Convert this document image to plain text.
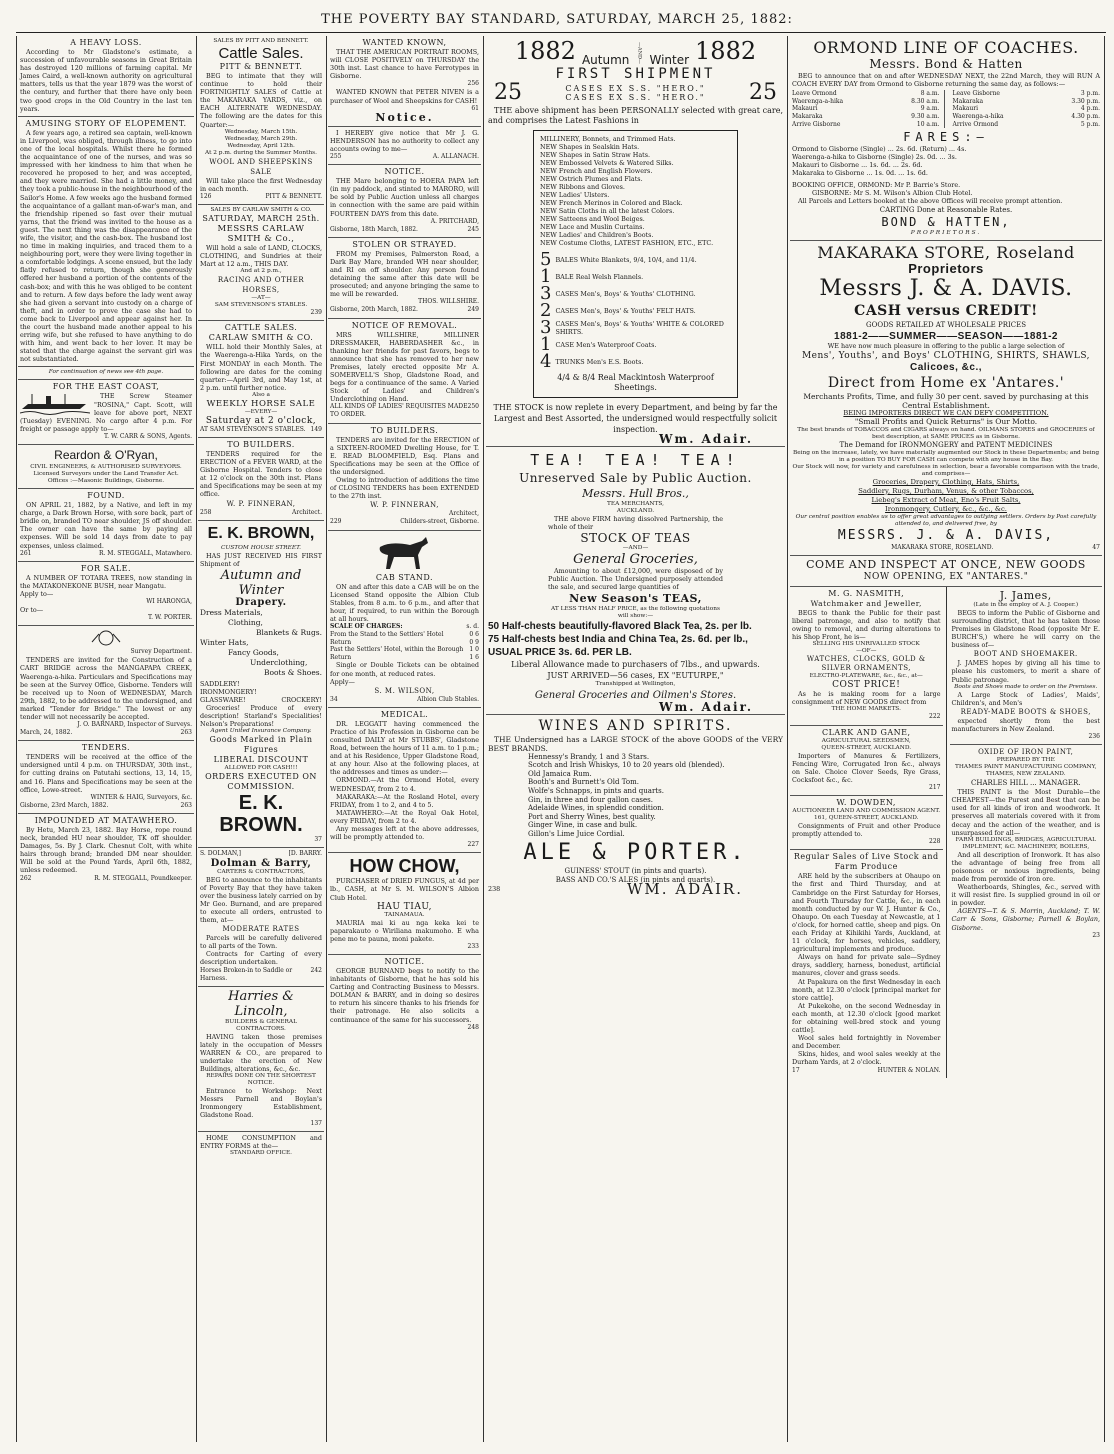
THE POVERTY BAY STANDARD, SATURDAY, MARCH 25, 1882:
A HEAVY LOSS.

According to Mr Gladstone's estimate, a succession of unfavourable seasons in Great Britain has destroyed 120 millions of farming capital. Mr James Caird, a well-known authority on agricultural matters, tells us that the year 1879 was the worst of the century, and further that there have only been two good crops in the Old Country in the last ten years.

AMUSING STORY OF ELOPEMENT.

A few years ago, a retired sea captain, well-known in Liverpool, was obliged, through illness, to go into one of the local hospitals. Whilst there he formed the acquaintance of one of the nurses, and was so impressed with her kindness to him that when he recovered he proposed to her, and was accepted, and they were married. She had a little money, and they took a public-house in the neighbourhood of the Sailor's Home. A few weeks ago the husband formed the acquaintance of a gallant man-of-war's man, and the friendship ripened so fast over their mutual yarns, that the friend was invited to the house as a guest. The next thing was the disappearance of the wife, the visitor, and the cash-box. The husband lost no time in making inquiries, and traced them to a neighbouring port, were they were living together in a comfortable lodgings. A scene ensued, but the lady flatly refused to return, though she generously offered her husband a portion of the contents of the cash-box; and with this he was obliged to be content and to return. A few days before the lady went away she had given a servant into custody on a charge of theft, and in order to prove the case she had to come back to Liverpool and appear against her. In the court the husband made another appeal to his erring wife, but she refused to have anything to do with him, and went back to her lover. It may be stated that the charge against the servant girl was not substantiated.

For continuation of news see 4th page.
FOR THE EAST COAST,

THE Screw Steamer "ROSINA," Capt. Scott, will leave for above port, NEXT (Tuesday) EVENING. No cargo after 4 p.m. For freight or passage apply to—

T. W. CARR & SONS, Agents.
Reardon & O'Ryan,
CIVIL ENGINEERS, & AUTHORISED SURVEYORS.
Licensed Surveyors under the Land Transfer Act.
Offices :—Masonic Buildings, Gisborne.
FOUND.

ON APRIL 21, 1882, by a Native, and left in my charge, a Dark Brown Horse, with sore back, part of bridle on, branded TO near shoulder, JS off shoulder. The owner can have the same by paying all expenses. Will be sold 14 days from date to pay expenses, unless claimed.

261	R. M. STEGGALL, Matawhero.
FOR SALE.

A NUMBER OF TOTARA TREES, now standing in the MATAKONEKONE BUSH, near Mangatu.

Apply to—
WI HARONGA,
Or to—
T. W. PORTER.
Survey Department.

TENDERS are invited for the Construction of a CART BRIDGE across the MANGAPAPA CREEK, Waerenga-a-hika. Particulars and Specifications may be seen at the Survey Office, Gisborne. Tenders will be received up to Noon of WEDNESDAY, March 29th, 1882, to be addressed to the undersigned, and marked "Tender for Bridge." The lowest or any tender will not necessarily be accepted.

J. O. BARNARD, Inspector of Surveys.
March, 24, 1882.	263
TENDERS.

TENDERS will be received at the office of the undersigned until 4 p.m. on THURSDAY, 30th inst., for cutting drains on Patutahi sections, 13, 14, 15, and 16. Plans and Specifications may be seen at the office, Lowe-street.

WINTER & HAIG, Surveyors, &c.
Gisborne, 23rd March, 1882.	263
IMPOUNDED AT MATAWHERO.

By Hetu, March 23, 1882. Bay Horse, rope round neck, branded HU near shoulder, TK off shoulder. Damages, 5s. By J. Clark. Chesnut Colt, with white hairs through brand; branded DM near shoulder. Will be sold at the Pound Yards, April 6th, 1882, unless redeemed.

262	R. M. STEGGALL, Poundkeeper.
SALES BY PITT AND BENNETT.
Cattle Sales.
PITT & BENNETT.

BEG to intimate that they will continue to hold their FORTNIGHTLY SALES of Cattle at the MAKARAKA YARDS, viz., on EACH ALTERNATE WEDNESDAY. The following are the dates for this Quarter:—

Wednesday, March 15th.
Wednesday, March 29th.
Wednesday, April 12th.
At 2 p.m. during the Summer Months.
WOOL AND SHEEPSKINS SALE

Will take place the first Wednesday in each month.

126	PITT & BENNETT.
SALES BY CARLAW SMITH & CO.
SATURDAY, MARCH 25th.
MESSRS CARLAW SMITH & Co.,

Will hold a sale of LAND, CLOCKS, CLOTHING, and Sundries at their Mart at 12 a.m., THIS DAY.

And at 2 p.m.,
RACING AND OTHER HORSES,
—AT—
SAM STEVENSON'S STABLES.
239
CATTLE SALES.
CARLAW SMITH & CO.

WILL hold their Monthly Sales, at the Waerenga-a-Hika Yards, on the First MONDAY in each Month. The following are dates for the coming quarter:—April 3rd, and May 1st, at 2 p.m. until further notice.

Also a
WEEKLY HORSE SALE
—EVERY—
Saturday at 2 o'clock,
AT SAM STEVENSON'S STABLES. 149
TO BUILDERS.

TENDERS required for the ERECTION of a FEVER WARD, at the Gisborne Hospital. Tenders to close at 12 o'clock on the 30th inst. Plans and Specifications may be seen at my office.

W. P. FINNERAN,
258	Architect.
E. K. BROWN,
CUSTOM HOUSE STREET.

HAS JUST RECEIVED HIS FIRST Shipment of

Autumn and Winter
Drapery.
Dress Materials,
Clothing,
Blankets & Rugs.
Winter Hats,
Fancy Goods,
Underclothing,
Boots & Shoes.
SADDLERY!
IRONMONGERY!
GLASSWARE!	CROCKERY!

Groceries! Produce of every description! Starland's Specialities! Nelson's Preparations!

Agent United Insurance Company.
Goods Marked in Plain Figures
LIBERAL DISCOUNT
ALLOWED FOR CASH!!!
ORDERS EXECUTED ON COMMISSION.
E. K. BROWN.
37
S. DOLMAN,]	[D. BARRY.
Dolman & Barry,
CARTERS & CONTRACTORS,

BEG to announce to the inhabitants of Poverty Bay that they have taken over the business lately carried on by Mr Geo. Burnand, and are prepared to execute all orders, entrusted to them, at—

MODERATE RATES

Parcels will be carefully delivered to all parts of the Town.

Contracts for Carting of every description undertaken.

Horses Broken-in to Saddle or Harness.
242
Harries & Lincoln,
BUILDERS & GENERAL CONTRACTORS.

HAVING taken those premises lately in the occupation of Messrs WARREN & CO., are prepared to undertake the erection of New Buildings, alterations, &c., &c.

REPAIRS DONE ON THE SHORTEST NOTICE.

Entrance to Workshop: Next Messrs Parnell and Boylan's Ironmongery Establishment, Gladstone Road.

137

HOME CONSUMPTION and ENTRY FORMS at the—

STANDARD OFFICE.
WANTED KNOWN,

THAT THE AMERICAN PORTRAIT ROOMS, will CLOSE POSITIVELY on THURSDAY the 30th inst. Last chance to have Ferrotypes in Gisborne.

256

WANTED KNOWN that PETER NIVEN is a purchaser of Wool and Sheepskins for CASH!

61
Notice.

I HEREBY give notice that Mr J. G. HENDERSON has no authority to collect any accounts owing to me—

255	A. ALLANACH.
NOTICE.

THE Mare belonging to HOERA PAPA left (in my paddock, and stinted to MARORO, will be sold by Public Auction unless all charges in connection with the same are paid within FOURTEEN DAYS from this date.

A. PRITCHARD,
Gisborne, 18th March, 1882.	245
STOLEN OR STRAYED.

FROM my Premises, Palmerston Road, a Dark Bay Mare, branded WH near shoulder, and RI on off shoulder. Any person found detaining the same after this date will be prosecuted; and anyone bringing the same to me will be rewarded.

THOS. WILLSHIRE.
Gisborne, 20th March, 1882.	249
NOTICE OF REMOVAL.

MRS WILLSHIRE, MILLINER DRESSMAKER, HABERDASHER &c., in thanking her friends for past favors, begs to announce that she has removed to her new Premises, lately erected opposite Mr A. SOMERVELL'S Shop, Gladstone Road, and begs for a continuance of the same. A Varied Stock of Ladies' and Children's Underclothing on Hand.

ALL KINDS OF LADIES' REQUISITES MADE TO ORDER.
250
TO BUILDERS.

TENDERS are invited for the ERECTION of a SIXTEEN-ROOMED Dwelling House, for T. E. READ BLOOMFIELD, Esq. Plans and Specifications may be seen at the Office of the undersigned.

Owing to introduction of additions the time of CLOSING TENDERS has been EXTENDED to the 27th inst.

W. P. FINNERAN,
Architect,
229	Childers-street, Gisborne.
CAB STAND.

ON and after this date a CAB will be on the Licensed Stand opposite the Albion Club Stables, from 8 a.m. to 6 p.m., and after that hour, if required, to run within the Borough at all hours.

SCALE OF CHARGES:	s. d.
From the Stand to the Settlers' Hotel	0 6
Return	0 9
Past the Settlers' Hotel, within the Borough 1 0
Return	1 6

Single or Double Tickets can be obtained for one month, at reduced rates.

Apply—
S. M. WILSON,
34	Albion Club Stables.
MEDICAL.

DR. LEGGATT having commenced the Practice of his Profession in Gisborne can be consulted DAILY at Mr STUBBS', Gladstone Road, between the hours of 11 a.m. to 1 p.m.; and at his Residence, Upper Gladstone Road, at any hour. Also at the following places, at the addresses and times as under:—

ORMOND.—At the Ormond Hotel, every WEDNESDAY, from 2 to 4.

MAKARAKA:—At the Rosland Hotel, every FRIDAY, from 1 to 2, and 4 to 5.

MATAWHERO:—At the Royal Oak Hotel, every FRIDAY, from 2 to 4.

Any messages left at the above addresses, will be promptly attended to.

227
HOW CHOW,

PURCHASER of DRIED FUNGUS, at 4d per lb., CASH, at Mr S. M. WILSON'S Albion Club Hotel.

HAU TIAU,
TAINAMAUA.

MAURIA mai ki au nga keka kei te paparakauto o Wiriliana makumoho. E wha pene mo te pauna, moni pakete.

233
NOTICE.

GEORGE BURNAND begs to notify to the inhabitants of Gisborne, that he has sold his Carting and Contracting Business to Messrs. DOLMAN & BARRY, and in doing so desires to return his sincere thanks to his friends for their patronage. He also solicits a continuance of the same for his successors.

248
1882 Autumn —AND— Winter 1882
FIRST SHIPMENT
25	CASES EX S.S. "HERO."
CASES EX S.S. "HERO." 25

THE above shipment has been PERSONALLY selected with great care, and comprises the Latest Fashions in

MILLINERY, Bonnets, and Trimmed Hats.
NEW Shapes in Sealskin Hats.
NEW Shapes in Satin Straw Hats.
NEW Embossed Velvets & Watered Silks.
NEW French and English Flowers.
NEW Ostrich Plumes and Flats.
NEW Ribbons and Gloves.
NEW Ladies' Ulsters.
NEW French Merinos in Colored and Black.
NEW Satin Cloths in all the latest Colors.
NEW Satteens and Wool Beiges.
NEW Lace and Muslin Curtains.
NEW Ladies' and Children's Boots.
NEW Costume Cloths, LATEST FASHION, ETC., ETC.
5 BALES White Blankets, 9/4, 10/4, and 11/4.
1 BALE Real Welsh Flannels.
3 CASES Men's, Boys' & Youths' CLOTHING.
2 CASES Men's, Boys' & Youths' FELT HATS.
3 CASES Men's, Boys' & Youths' WHITE & COLORED SHIRTS.
1 CASE Men's Waterproof Coats.
4 TRUNKS Men's E.S. Boots.
4/4 & 8/4 Real Mackintosh Waterproof Sheetings.

THE STOCK is now replete in every Department, and being by far the Largest and Best Assorted, the undersigned would respectfully solicit inspection.

Wm. Adair.
TEA! TEA! TEA!
Unreserved Sale by Public Auction.
Messrs. Hull Bros.,
TEA MERCHANTS,
AUCKLAND.

THE above FIRM having dissolved Partnership, the whole of their

STOCK OF TEAS
—AND—
General Groceries,

Amounting to about £12,000, were disposed of by Public Auction. The Undersigned purposely attended the sale, and secured large quantities of

New Season's TEAS,
AT LESS THAN HALF PRICE, as the following quotations will show:—
50 Half-chests beautifully-flavored Black Tea, 2s. per lb.
75 Half-chests best India and China Tea, 2s. 6d. per lb., USUAL PRICE 3s. 6d. PER LB.
Liberal Allowance made to purchasers of 7lbs., and upwards.
JUST ARRIVED—56 cases, EX "EUTURPE,"
Transhipped at Wellington,
General Groceries and Oilmen's Stores.
Wm. Adair.
WINES AND SPIRITS.

THE Undersigned has a LARGE STOCK of the above GOODS of the VERY BEST BRANDS.

Hennessy's Brandy, 1 and 3 Stars.
Scotch and Irish Whiskys, 10 to 20 years old (blended).
Old Jamaica Rum.
Booth's and Burnett's Old Tom.
Wolfe's Schnapps, in pints and quarts.
Gin, in three and four gallon cases.
Adelaide Wines, in splendid condition.
Port and Sherry Wines, best quality.
Ginger Wine, in case and bulk.
Gillon's Lime Juice Cordial.
ALE & PORTER.
GUINESS' STOUT (in pints and quarts).
BASS AND CO.'S ALES (in pints and quarts).
238	WM. ADAIR.
ORMOND LINE OF COACHES.
Messrs. Bond & Hatten

BEG to announce that on and after WEDNESDAY NEXT, the 22nd March, they will RUN A COACH EVERY DAY from Ormond to Gisborne returning the same day, as follows:—

Leave Ormond	8 a.m.
Waerenga-a-hika	8.30 a.m.
Makauri	9 a.m.
Makaraka	9.30 a.m.
Arrive Gisborne	10 a.m.
Leave Gisborne	3 p.m.
Makaraka	3.30 p.m.
Makauri	4 p.m.
Waerenga-a-hika	4.30 p.m.
Arrive Ormond	5 p.m.
FARES:—
Ormond to Gisborne (Single) ... 2s. 6d. (Return) ... 4s.
Waerenga-a-hika to Gisborne (Single) 2s. 0d. ... 3s.
Makauri to Gisborne ... 1s. 6d. ... 2s. 6d.
Makaraka to Gisborne ... 1s. 0d. ... 1s. 6d.
BOOKING OFFICE, ORMOND: Mr P. Barrie's Store.
GISBORNE: Mr S. M. Wilson's Albion Club Hotel.

All Parcels and Letters booked at the above Offices will receive prompt attention.

CARTING Done at Reasonable Rates.
BOND & HATTEN,
PROPRIETORS.
MAKARAKA STORE, Roseland
Proprietors
Messrs J. & A. DAVIS.
CASH versus CREDIT!
GOODS RETAILED AT WHOLESALE PRICES
1881-2——SUMMER——SEASON——1881-2
WE have now much pleasure in offering to the public a large selection of
Mens', Youths', and Boys' CLOTHING, SHIRTS, SHAWLS,
Calicoes, &c.,
Direct from Home ex 'Antares.'
Merchants Profits, Time, and fully 30 per cent. saved by purchasing at this Central Establishment.
BEING IMPORTERS DIRECT WE CAN DEFY COMPETITION.
"Small Profits and Quick Returns" is Our Motto.
The best brands of TOBACCOS and CIGARS always on hand. OILMANS STORES and GROCERIES of best description, at SAME PRICES as in Gisborne.
The Demand for IRONMONGERY and PATENT MEDICINES
Being on the increase, lately, we have materially augmented our Stock in these Departments; and being in a position TO BUY FOR CASH can compete with any house in the Bay.
Our Stock will now, for variety and carefulness in selection, bear a favorable comparison with the trade, and comprises—
Groceries, Drapery, Clothing, Hats, Shirts,
Saddlery, Rugs, Durham, Venus, & other Tobaccos,
Liebeg's Extract of Meat, Eno's Fruit Salts,
Ironmongery, Cutlery, &c., &c., &c.
Our central position enables us to offer great advantages to outlying settlers. Orders by Post carefully attended to, and delivered free, by
MESSRS. J. & A. DAVIS,
MAKARAKA STORE, ROSELAND.	47
COME AND INSPECT AT ONCE, NEW GOODS
NOW OPENING, EX "ANTARES."
M. G. NASMITH,
Watchmaker and Jeweller,

BEGS to thank the Public for their past liberal patronage, and also to notify that owing to removal, and during alterations to his Shop Front, he is—

SELLING HIS UNRIVALLED STOCK
—OF—
WATCHES, CLOCKS, GOLD & SILVER ORNAMENTS,
ELECTRO-PLATEWARE, &c., &c., at—
COST PRICE!

As he is making room for a large consignment of NEW GOODS direct from

THE HOME MARKETS.
222
CLARK AND GANE,
AGRICULTURAL SEEDSMEN,
QUEEN-STREET, AUCKLAND.

Importers of Manures & Fertilizers, Fencing Wire, Corrugated Iron &c., always on Sale. Choice Clover Seeds, Rye Grass, Cocksfoot &c., &c.

217
W. DOWDEN,
AUCTIONEER LAND AND COMMISSION AGENT.
161, QUEEN-STREET, AUCKLAND.

Consignments of Fruit and other Produce promptly attended to.

228
Regular Sales of Live Stock and Farm Produce

ARE held by the subscribers at Ohaupo on the first and Third Thursday, and at Cambridge on the First Saturday for Horses, and Fourth Thursday for Cattle, &c., in each month conducted by our W. J. Hunter & Co., Ohaupo. On each Tuesday at Newcastle, at 1 o'clock, for horned cattle, sheep and pigs. On each Friday at Kihikihi Yards, Auckland, at 11 o'clock, for horses, vehicles, saddlery, agricultural implements and produce.

Always on hand for private sale—Sydney drays, saddlery, harness, bonedust, artificial manures, clover and grass seeds.

At Papakura on the first Wednesday in each month, at 12.30 o'clock [principal market for store cattle].

At Pukekohe, on the second Wednesday in each month, at 12.30 o'clock [good market for obtaining well-bred stock and young cattle].

Wool sales held fortnightly in November and December.

Skins, hides, and wool sales weekly at the Durham Yards, at 2 o'clock.

17	HUNTER & NOLAN.
J. James,
(Late in the employ of A. J. Cooper.)

BEGS to inform the Public of Gisborne and surrounding district, that he has taken those Premises in Gladstone Road (opposite Mr E. BURCH'S,) where he will carry on the business of—

BOOT AND SHOEMAKER.

J. JAMES hopes by giving all his time to please his customers, to merit a share of Public patronage.

Boots and Shoes made to order on the Premises.

A Large Stock of Ladies', Maids', Children's, and Men's

READY-MADE BOOTS & SHOES,

expected shortly from the best manufacturers in New Zealand.

236
OXIDE OF IRON PAINT,
PREPARED BY THE
THAMES PAINT MANUFACTURING COMPANY,
THAMES, NEW ZEALAND.
CHARLES HILL ... MANAGER.

THIS PAINT is the Most Durable—the CHEAPEST—the Purest and Best that can be used for all kinds of iron and woodwork. It preserves all materials covered with it from decay and the action of the weather, and is unsurpassed for all—

FARM BUILDINGS, BRIDGES, AGRICULTURAL IMPLEMENT, &C. MACHINERY, BOILERS,

And all description of Ironwork. It has also the advantage of being free from all poisonous or noxious ingredients, being made from peroxide of iron ore.

Weatherboards, Shingles, &c., served with it will resist fire. Is supplied ground in oil or in powder.

AGENTS—T. & S. Morrin, Auckland; T. W. Carr & Sons, Gisborne; Parnell & Boylan, Gisborne.

23
